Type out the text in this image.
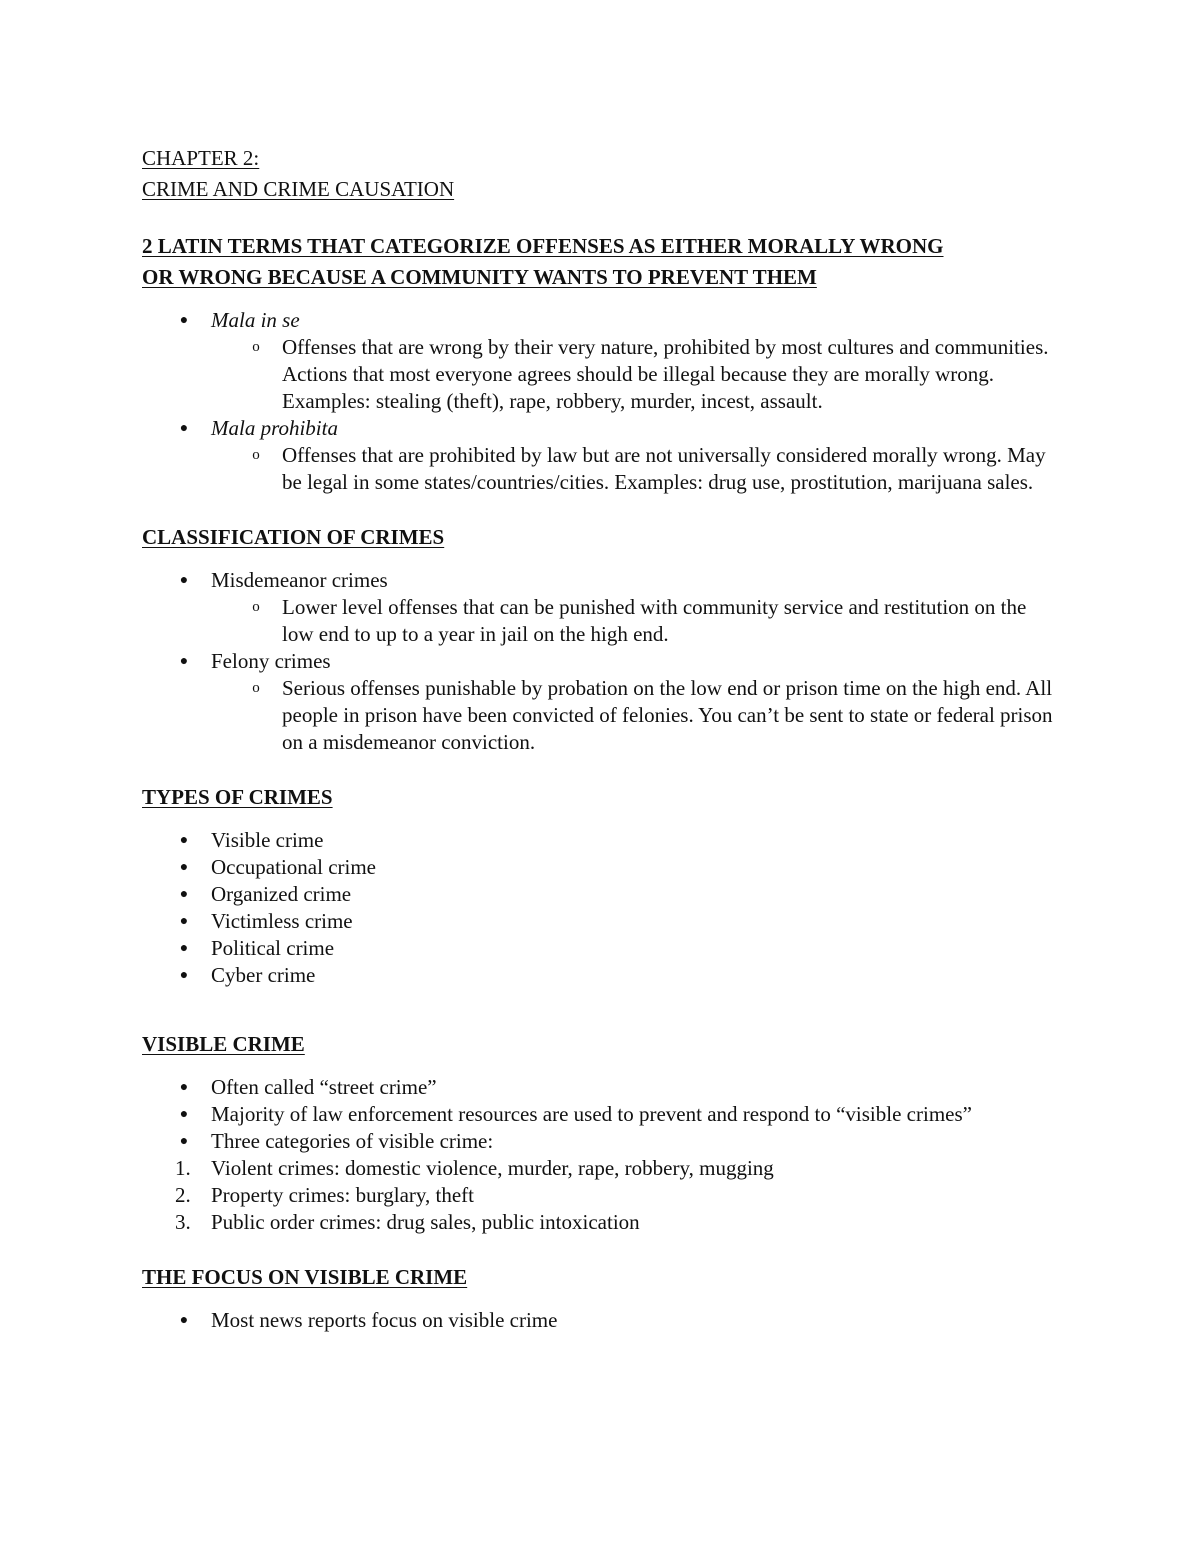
CHAPTER 2:

CRIME AND CRIME CAUSATION

2 LATIN TERMS THAT CATEGORIZE OFFENSES AS EITHER MORALLY WRONG

OR WRONG BECAUSE A COMMUNITY WANTS TO PREVENT THEM

● Mala in se
o Offenses that are wrong by their very nature, prohibited by most cultures and communities. Actions that most everyone agrees should be illegal because they are morally wrong. Examples: stealing (theft), rape, robbery, murder, incest, assault.
● Mala prohibita
o Offenses that are prohibited by law but are not universally considered morally wrong. May be legal in some states/countries/cities. Examples: drug use, prostitution, marijuana sales.

CLASSIFICATION OF CRIMES

● Misdemeanor crimes
o Lower level offenses that can be punished with community service and restitution on the low end to up to a year in jail on the high end.
● Felony crimes
o Serious offenses punishable by probation on the low end or prison time on the high end. All people in prison have been convicted of felonies. You can’t be sent to state or federal prison on a misdemeanor conviction.

TYPES OF CRIMES

● Visible crime
● Occupational crime
● Organized crime
● Victimless crime
● Political crime
● Cyber crime

VISIBLE CRIME

● Often called “street crime”
● Majority of law enforcement resources are used to prevent and respond to “visible crimes”
● Three categories of visible crime:
1. Violent crimes: domestic violence, murder, rape, robbery, mugging
2. Property crimes: burglary, theft
3. Public order crimes: drug sales, public intoxication

THE FOCUS ON VISIBLE CRIME

● Most news reports focus on visible crime
